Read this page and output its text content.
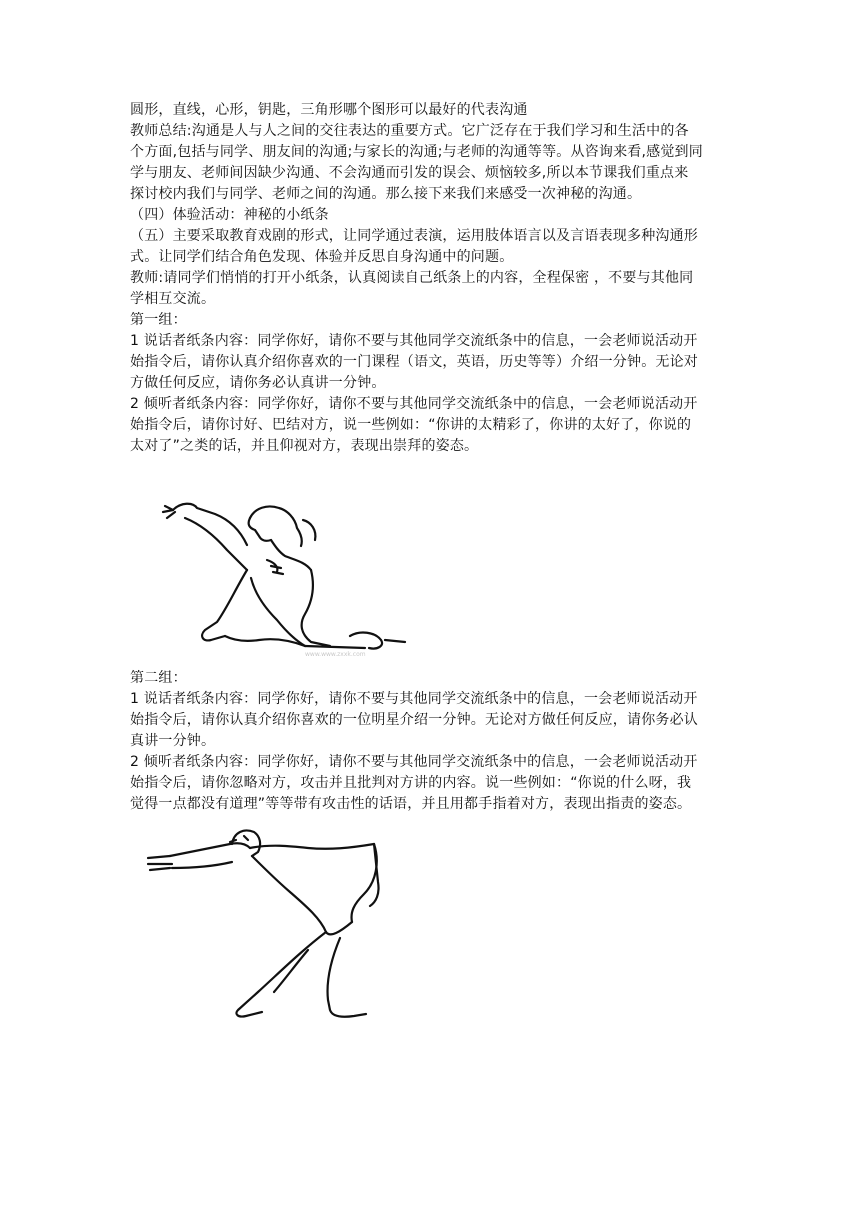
圆形，直线，心形，钥匙，三角形哪个图形可以最好的代表沟通
教师总结:沟通是人与人之间的交往表达的重要方式。它广泛存在于我们学习和生活中的各
个方面,包括与同学、朋友间的沟通;与家长的沟通;与老师的沟通等等。从咨询来看,感觉到同
学与朋友、老师间因缺少沟通、不会沟通而引发的误会、烦恼较多,所以本节课我们重点来
探讨校内我们与同学、老师之间的沟通。那么接下来我们来感受一次神秘的沟通。
（四）体验活动：神秘的小纸条
（五）主要采取教育戏剧的形式，让同学通过表演，运用肢体语言以及言语表现多种沟通形
式。让同学们结合角色发现、体验并反思自身沟通中的问题。
教师:请同学们悄悄的打开小纸条，认真阅读自己纸条上的内容，全程保密 ，不要与其他同
学相互交流。
第一组：
1 说话者纸条内容：同学你好，请你不要与其他同学交流纸条中的信息，一会老师说活动开
始指令后，请你认真介绍你喜欢的一门课程（语文，英语，历史等等）介绍一分钟。无论对
方做任何反应，请你务必认真讲一分钟。
2 倾听者纸条内容：同学你好，请你不要与其他同学交流纸条中的信息，一会老师说活动开
始指令后，请你讨好、巴结对方，说一些例如：“你讲的太精彩了，你讲的太好了，你说的
太对了”之类的话，并且仰视对方，表现出崇拜的姿态。
www.www.zxxk.com
第二组：
1 说话者纸条内容：同学你好，请你不要与其他同学交流纸条中的信息，一会老师说活动开
始指令后，请你认真介绍你喜欢的一位明星介绍一分钟。无论对方做任何反应，请你务必认
真讲一分钟。
2 倾听者纸条内容：同学你好，请你不要与其他同学交流纸条中的信息，一会老师说活动开
始指令后，请你忽略对方，攻击并且批判对方讲的内容。说一些例如：“你说的什么呀，我
觉得一点都没有道理”等等带有攻击性的话语，并且用都手指着对方，表现出指责的姿态。
